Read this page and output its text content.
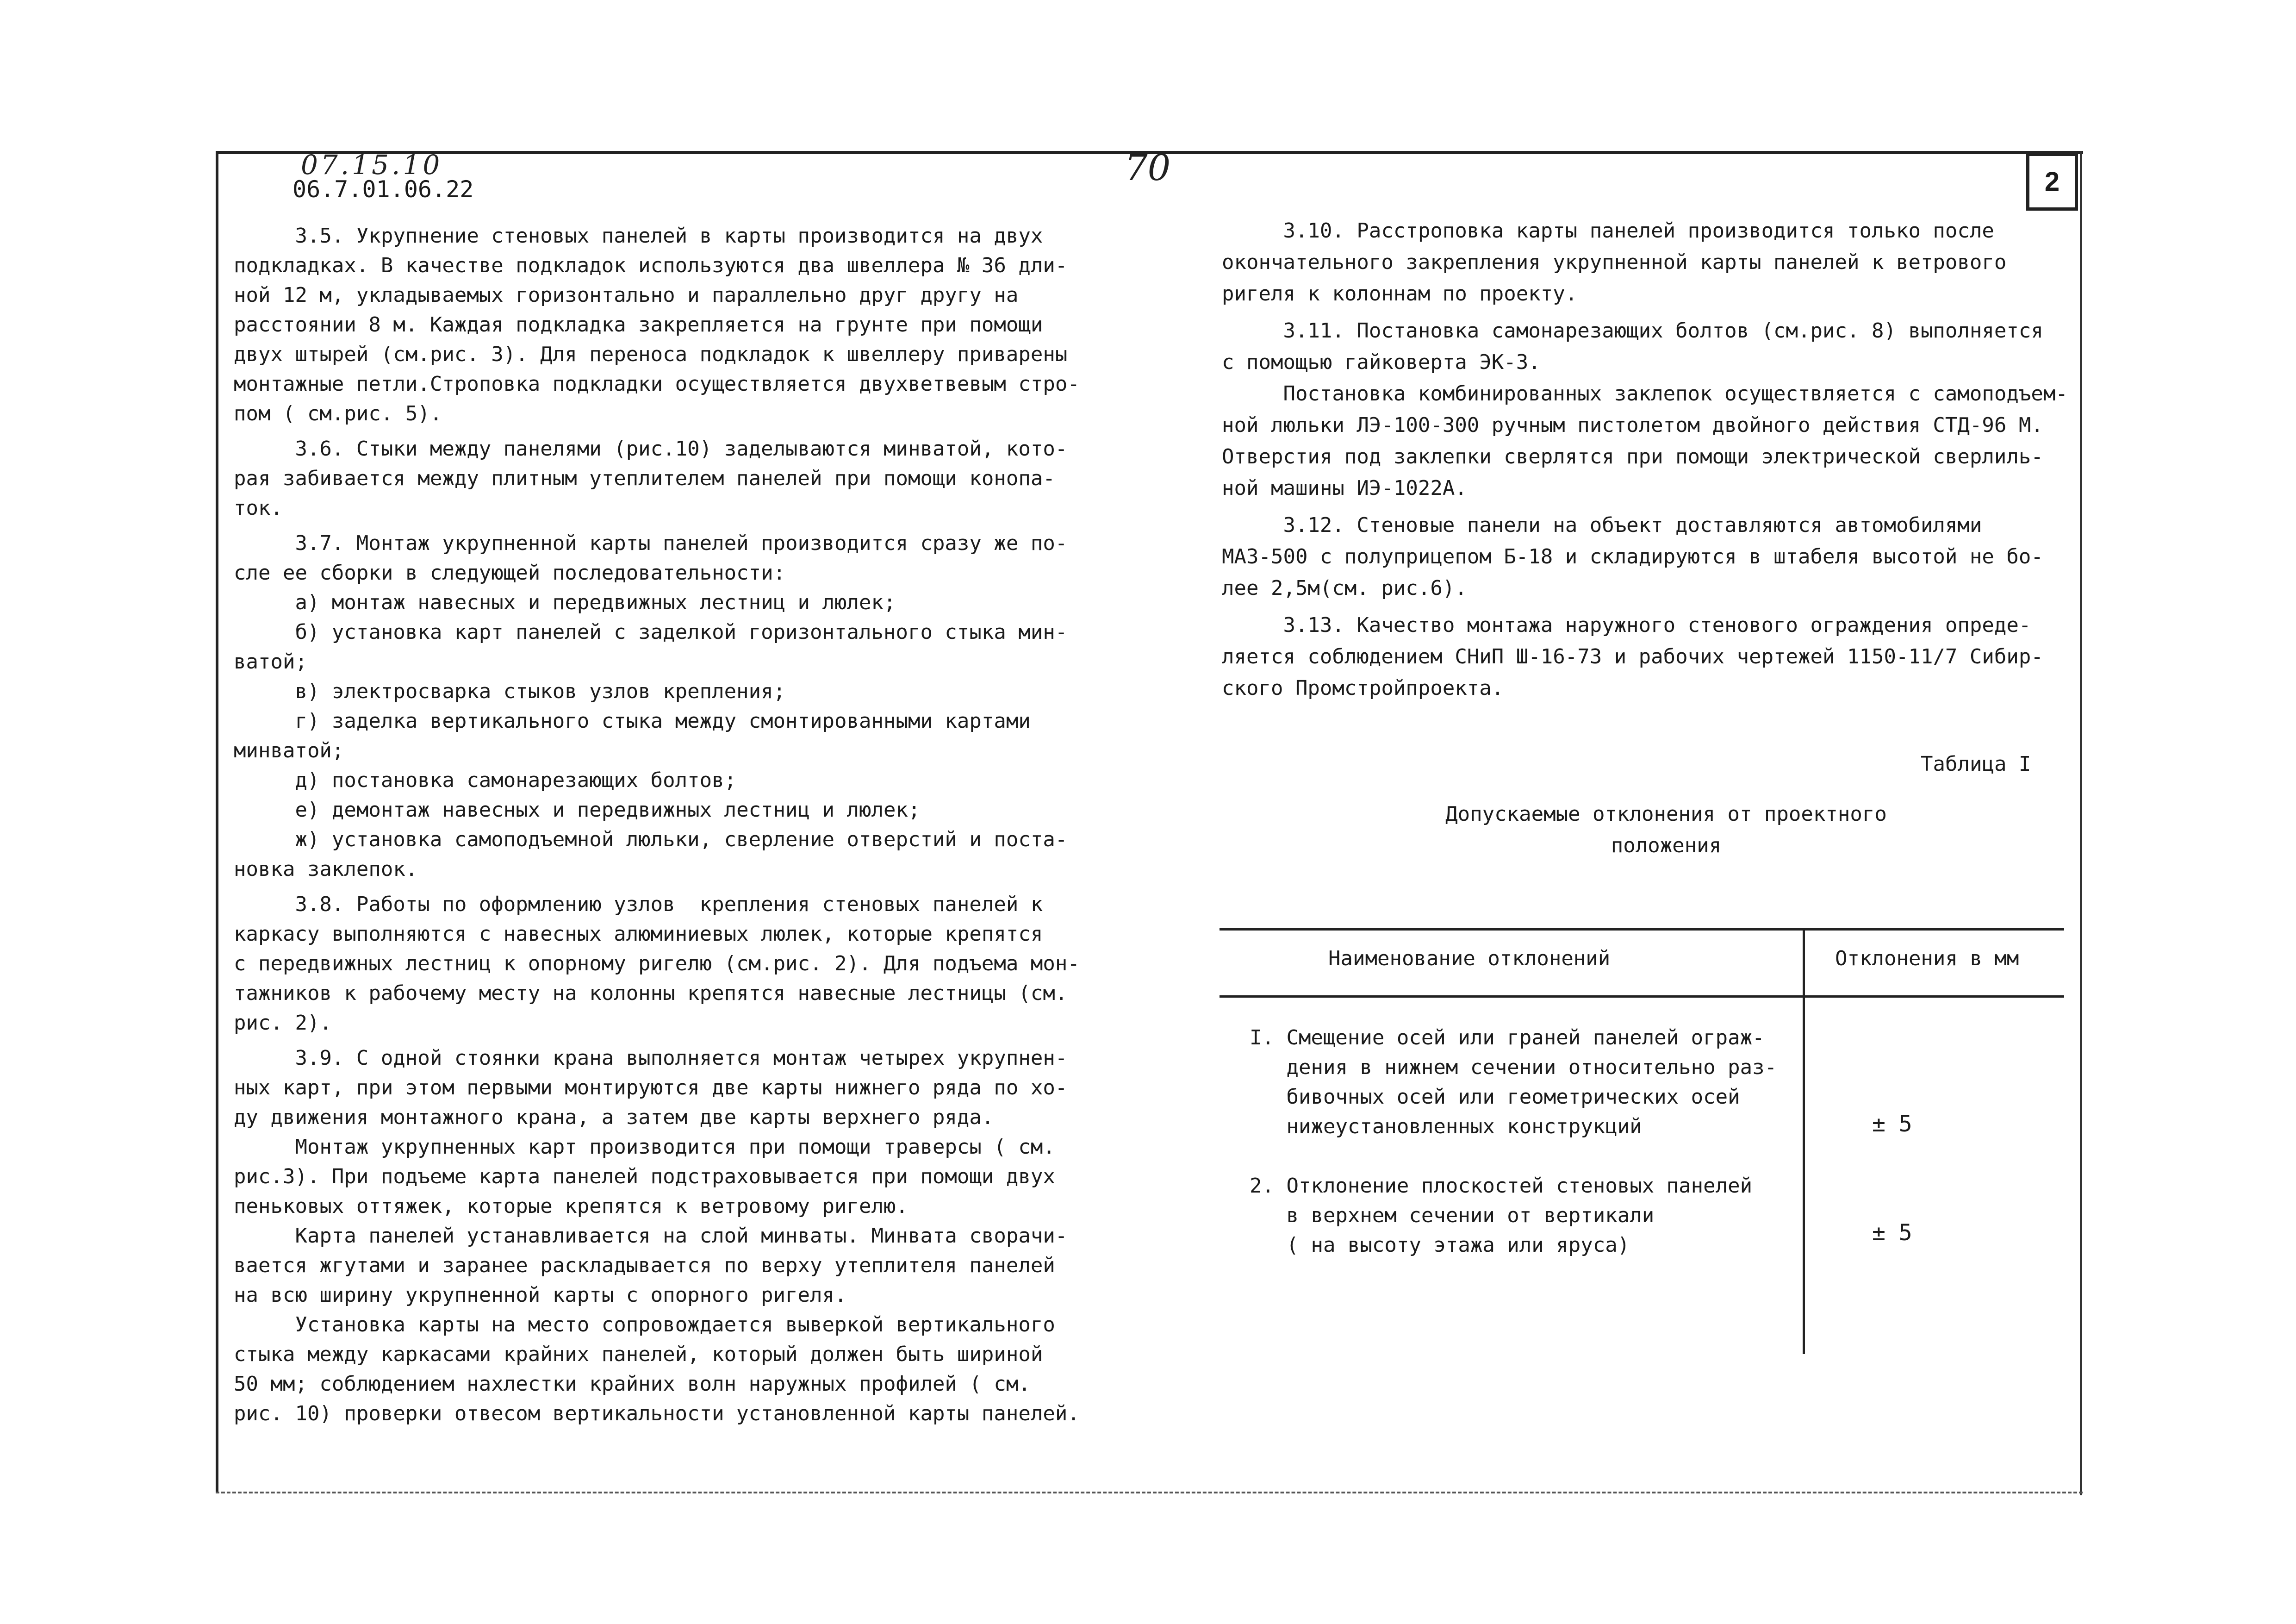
07.15.10	70
06.7.01.06.22	2

3.5. Укрупнение стеновых панелей в карты производится на двух
подкладках. В качестве подкладок используются два швеллера № 36 дли-
ной 12 м, укладываемых горизонтально и параллельно друг другу на
расстоянии 8 м. Каждая подкладка закрепляется на грунте при помощи
двух штырей (см.рис. 3). Для переноса подкладок к швеллеру приварены
монтажные петли.Строповка подкладки осуществляется двухветвевым стро-
пом ( см.рис. 5).

3.6. Стыки между панелями (рис.10) заделываются минватой, кото-
рая забивается между плитным утеплителем панелей при помощи конопа-
ток.

3.7. Монтаж укрупненной карты панелей производится сразу же по-
сле ее сборки в следующей последовательности:
а) монтаж навесных и передвижных лестниц и люлек;
б) установка карт панелей с заделкой горизонтального стыка мин-
ватой;
в) электросварка стыков узлов крепления;
г) заделка вертикального стыка между смонтированными картами
минватой;
д) постановка самонарезающих болтов;
е) демонтаж навесных и передвижных лестниц и люлек;
ж) установка самоподъемной люльки, сверление отверстий и поста-
новка заклепок.

3.8. Работы по оформлению узлов  крепления стеновых панелей к
каркасу выполняются с навесных алюминиевых люлек, которые крепятся
с передвижных лестниц к опорному ригелю (см.рис. 2). Для подъема мон-
тажников к рабочему месту на колонны крепятся навесные лестницы (см.
рис. 2).

3.9. С одной стоянки крана выполняется монтаж четырех укрупнен-
ных карт, при этом первыми монтируются две карты нижнего ряда по хо-
ду движения монтажного крана, а затем две карты верхнего ряда.
Монтаж укрупненных карт производится при помощи траверсы ( см.
рис.3). При подъеме карта панелей подстраховывается при помощи двух
пеньковых оттяжек, которые крепятся к ветровому ригелю.
Карта панелей устанавливается на слой минваты. Минвата сворачи-
вается жгутами и заранее раскладывается по верху утеплителя панелей
на всю ширину укрупненной карты с опорного ригеля.
Установка карты на место сопровождается выверкой вертикального
стыка между каркасами крайних панелей, который должен быть шириной
50 мм; соблюдением нахлестки крайних волн наружных профилей ( см.
рис. 10) проверки отвесом вертикальности установленной карты панелей.

3.10. Расстроповка карты панелей производится только после
окончательного закрепления укрупненной карты панелей к ветрового
ригеля к колоннам по проекту.

3.11. Постановка самонарезающих болтов (см.рис. 8) выполняется
с помощью гайковерта ЭК-3.
Постановка комбинированных заклепок осуществляется с самоподъем-
ной люльки ЛЭ-100-300 ручным пистолетом двойного действия СТД-96 М.
Отверстия под заклепки сверлятся при помощи электрической сверлиль-
ной машины ИЭ-1022А.

3.12. Стеновые панели на объект доставляются автомобилями
МАЗ-500 с полуприцепом Б-18 и складируются в штабеля высотой не бо-
лее 2,5м(см. рис.6).

3.13. Качество монтажа наружного стенового ограждения опреде-
ляется соблюдением СНиП Ш-16-73 и рабочих чертежей 1150-11/7 Сибир-
ского Промстройпроекта.

Таблица I
Допускаемые отклонения от проектного
положения
Наименование отклонений	Отклонения в мм
I. Смещение осей или граней панелей ограж-
дения в нижнем сечении относительно раз-
бивочных осей или геометрических осей
нижеустановленных конструкций	± 5
2. Отклонение плоскостей стеновых панелей
в верхнем сечении от вертикали
( на высоту этажа или яруса)	± 5
